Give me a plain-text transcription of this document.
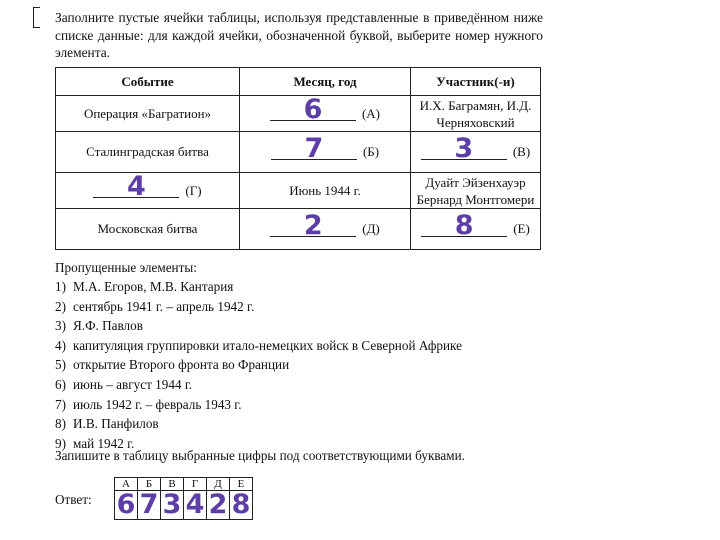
Заполните пустые ячейки таблицы, используя представленные в приведённом ниже списке данные: для каждой ячейки, обозначенной буквой, выберите номер нужного элемента.
Событие	Месяц, год	Участник(-и)
Операция «Багратион»	6 (А)	И.Х. Баграмян, И.Д. Черняховский
Сталинградская битва	7 (Б)	3 (В)

4 (Г)	Июнь 1944 г.	Дуайт Эйзенхауэр Бернард Монтгомери
Московская битва	2 (Д)	8 (Е)
Пропущенные элементы:
1) М.А. Егоров, М.В. Кантария
2) сентябрь 1941 г. – апрель 1942 г.
3) Я.Ф. Павлов
4) капитуляция группировки итало-немецких войск в Северной Африке
5) открытие Второго фронта во Франции
6) июнь – август 1944 г.
7) июль 1942 г. – февраль 1943 г.
8) И.В. Панфилов
9) май 1942 г.
Запишите в таблицу выбранные цифры под соответствующими буквами.
Ответ:
А	Б	В	Г	Д	Е
6	7	3	4	2	8
